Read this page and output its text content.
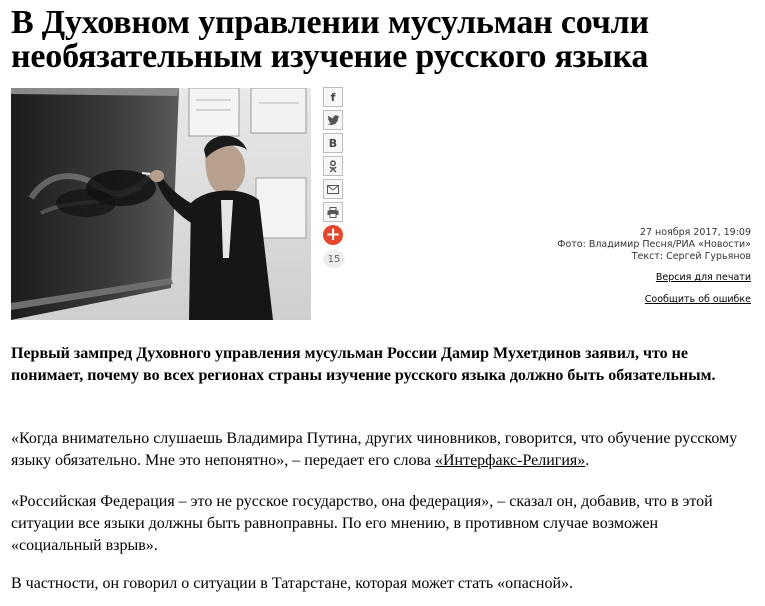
В Духовном управлении мусульман сочли необязательным изучение русского языка
f
В
+
15
27 ноября 2017, 19:09
Фото: Владимир Песня/РИА «Новости»
Текст: Сергей Гурьянов
Версия для печати
Сообщить об ошибке

Первый зампред Духовного управления мусульман России Дамир Мухетдинов заявил, что не понимает, почему во всех регионах страны изучение русского языка должно быть обязательным.

«Когда внимательно слушаешь Владимира Путина, других чиновников, говорится, что обучение русскому языку обязательно. Мне это непонятно», – передает его слова «Интерфакс-Религия».

«Российская Федерация – это не русское государство, она федерация», – сказал он, добавив, что в этой ситуации все языки должны быть равноправны. По его мнению, в противном случае возможен «социальный взрыв».

В частности, он говорил о ситуации в Татарстане, которая может стать «опасной».
